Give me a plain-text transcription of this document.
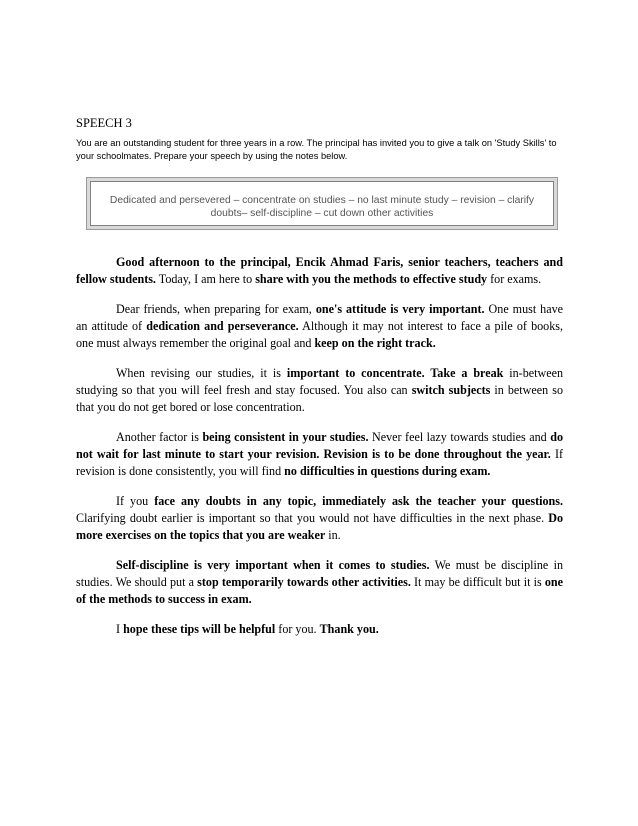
SPEECH 3
You are an outstanding student for three years in a row. The principal has invited you to give a talk on 'Study Skills' to your schoolmates. Prepare your speech by using the notes below.
Dedicated and persevered – concentrate on studies – no last minute study – revision – clarify
doubts– self-discipline – cut down other activities

Good afternoon to the principal, Encik Ahmad Faris, senior teachers, teachers and fellow students. Today, I am here to share with you the methods to effective study for exams.

Dear friends, when preparing for exam, one's attitude is very important. One must have an attitude of dedication and perseverance. Although it may not interest to face a pile of books, one must always remember the original goal and keep on the right track.

When revising our studies, it is important to concentrate. Take a break in-between studying so that you will feel fresh and stay focused. You also can switch subjects in between so that you do not get bored or lose concentration.

Another factor is being consistent in your studies. Never feel lazy towards studies and do not wait for last minute to start your revision. Revision is to be done throughout the year. If revision is done consistently, you will find no difficulties in questions during exam.

If you face any doubts in any topic, immediately ask the teacher your questions. Clarifying doubt earlier is important so that you would not have difficulties in the next phase. Do more exercises on the topics that you are weaker in.

Self-discipline is very important when it comes to studies. We must be discipline in studies. We should put a stop temporarily towards other activities. It may be difficult but it is one of the methods to success in exam.

I hope these tips will be helpful for you. Thank you.
